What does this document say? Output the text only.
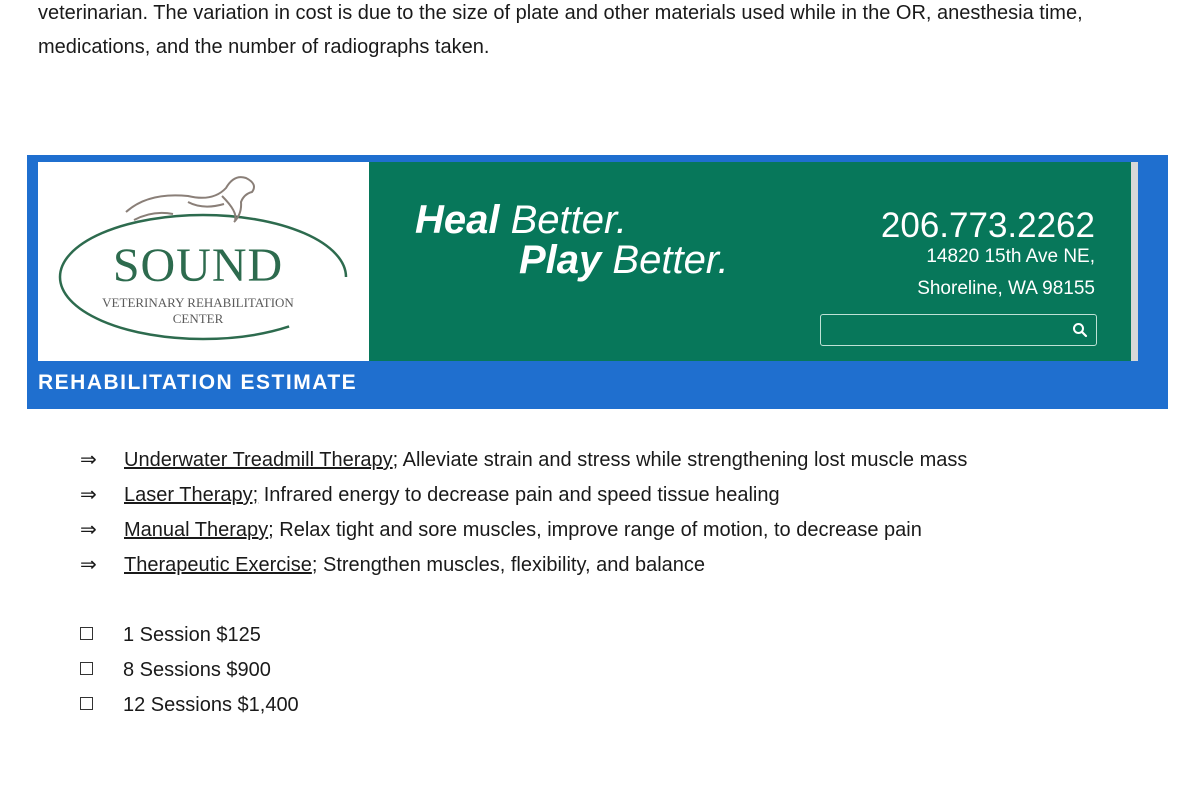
veterinarian. The variation in cost is due to the size of plate and other materials used while in the OR, anesthesia time, medications, and the number of radiographs taken.

SOUND
VETERINARY REHABILITATION
CENTER
Heal Better.
Play Better.
206.773.2262
14820 15th Ave NE,
Shoreline, WA 98155
REHABILITATION ESTIMATE
⇒ Underwater Treadmill Therapy; Alleviate strain and stress while strengthening lost muscle mass
⇒ Laser Therapy; Infrared energy to decrease pain and speed tissue healing
⇒ Manual Therapy; Relax tight and sore muscles, improve range of motion, to decrease pain
⇒ Therapeutic Exercise; Strengthen muscles, flexibility, and balance
1 Session $125
8 Sessions $900
12 Sessions $1,400
